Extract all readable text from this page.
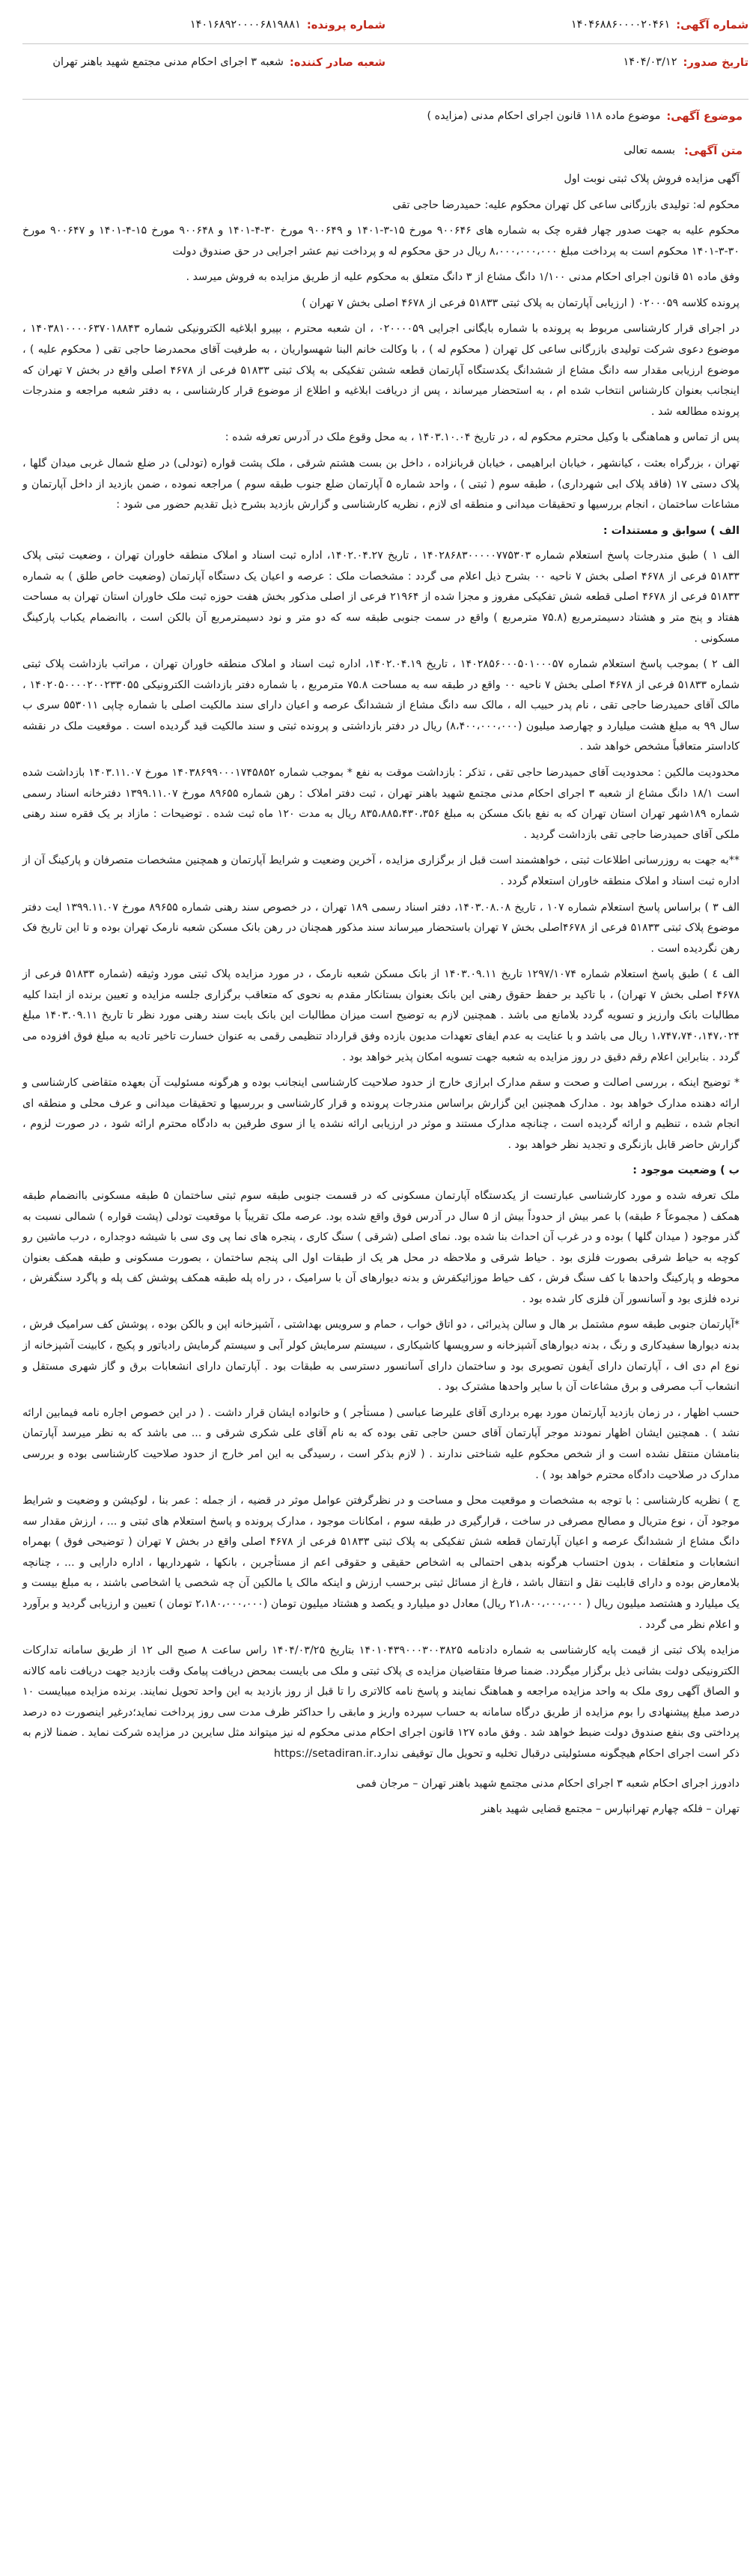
شماره آگهی:
۱۴۰۴۶۸۸۶۰۰۰۰۲۰۴۶۱
شماره پرونده:
۱۴۰۱۶۸۹۲۰۰۰۰۶۸۱۹۸۸۱
تاریخ صدور:
۱۴۰۴/۰۳/۱۲
شعبه صادر کننده:
شعبه ۳ اجرای احکام مدنی مجتمع شهید باهنر تهران
موضوع آگهی:
موضوع ماده ۱۱۸ قانون اجرای احکام مدنی (مزایده )
متن آگهی:
بسمه تعالی

آگهی مزایده فروش پلاک ثبتی نوبت اول

محکوم له: تولیدی بازرگانی ساعی کل تهران محکوم علیه: حمیدرضا حاجی تقی

محکوم علیه به جهت صدور چهار فقره چک به شماره های ۹۰۰۶۴۶ مورخ ۱۵-۳-۱۴۰۱ و ۹۰۰۶۴۹ مورخ ۳۰-۴-۱۴۰۱ و ۹۰۰۶۴۸ مورخ ۱۵-۴-۱۴۰۱ و ۹۰۰۶۴۷ مورخ ۳۰-۳-۱۴۰۱ محکوم است به پرداخت مبلغ ۸،۰۰۰،۰۰۰،۰۰۰ ریال در حق محکوم له و پرداخت نیم عشر اجرایی در حق صندوق دولت

وفق ماده ۵۱ قانون اجرای احکام مدنی ۱/۱۰۰ دانگ مشاع از ۳ دانگ متعلق به محکوم علیه از طریق مزایده به فروش میرسد .

پرونده کلاسه ۰۲۰۰۰۵۹ ( ارزیابی آپارتمان به پلاک ثبتی ۵۱۸۳۳ فرعی از ۴۶۷۸ اصلی بخش ۷ تهران )

در اجرای قرار کارشناسی مربوط به پرونده با شماره بایگانی اجرایی ۰۲۰۰۰۰۵۹ ، ان شعبه محترم ، بپیرو ابلاغیه الکترونیکی شماره ۱۴۰۳۸۱۰۰۰۰۶۳۷۰۱۸۸۴۳ ، موضوع دعوی شرکت تولیدی بازرگانی ساعی کل تهران ( محکوم له ) ، با وکالت خانم البنا شهسواریان ، به طرفیت آقای محمدرضا حاجی تقی ( محکوم علیه ) ، موضوع ارزیابی مقدار سه دانگ مشاع از ششدانگ یکدستگاه آپارتمان قطعه ششن تفکیکی به پلاک ثبتی ۵۱۸۳۳ فرعی از ۴۶۷۸ اصلی واقع در بخش ۷ تهران که اینجانب بعنوان کارشناس انتخاب شده ام ، به استحضار میرساند ، پس از دریافت ابلاغیه و اطلاع از موضوع قرار کارشناسی ، به دفتر شعبه مراجعه و مندرجات پرونده مطالعه شد .

پس از تماس و هماهنگی با وکیل محترم محکوم له ، در تاریخ ۱۴۰۳.۱۰.۰۴ ، به محل وقوع ملک در آدرس تعرفه شده :

تهران ، بزرگراه بعثت ، کیانشهر ، خیابان ابراهیمی ، خیابان قربانزاده ، داخل بن بست هشتم شرقی ، ملک پشت قواره (تودلی) در ضلع شمال غربی میدان گلها ، پلاک دستی ۱۷ (فاقد پلاک ابی شهرداری) ، طبقه سوم ( ثبتی ) ، واحد شماره ۵ آپارتمان ضلع جنوب طبقه سوم ) مراجعه نموده ، ضمن بازدید از داخل آپارتمان و مشاعات ساختمان ، انجام بررسیها و تحقیقات میدانی و منطقه ای لازم ، نظریه کارشناسی و گزارش بازدید بشرح ذیل تقدیم حضور می شود :

الف ) سوابق و مستندات :

الف ۱ ) طبق مندرجات پاسخ استعلام شماره ۱۴۰۲۸۶۸۳۰۰۰۰۰۷۷۵۳۰۳ ، تاریخ ۱۴۰۲.۰۴.۲۷، اداره ثبت اسناد و املاک منطقه خاوران تهران ، وضعیت ثبتی پلاک ۵۱۸۳۳ فرعی از ۴۶۷۸ اصلی بخش ۷ ناحیه ۰۰ بشرح ذیل اعلام می گردد : مشخصات ملک : عرصه و اعیان یک دستگاه آپارتمان (وضعیت خاص طلق ) به شماره ۵۱۸۳۳ فرعی از ۴۶۷۸ اصلی قطعه شش تفکیکی مفروز و مجزا شده از ۲۱۹۶۴ فرعی از اصلی مذکور بخش هفت حوزه ثبت ملک خاوران استان تهران به مساحت هفتاد و پنج متر و هشتاد دسیمترمربع (۷۵.۸ مترمربع ) واقع در سمت جنوبی طبقه سه که دو متر و نود دسیمترمربع آن بالکن است ، باانضمام یکباب پارکینگ مسکونی .

الف ۲ ) بموجب پاسخ استعلام شماره ۱۴۰۲۸۵۶۰۰۰۵۰۱۰۰۰۵۷ ، تاریخ ۱۴۰۲.۰۴.۱۹، اداره ثبت اسناد و املاک منطقه خاوران تهران ، مراتب بازداشت پلاک ثبتی شماره ۵۱۸۳۳ فرعی از ۴۶۷۸ اصلی بخش ۷ ناحیه ۰۰ واقع در طبقه سه به مساحت ۷۵.۸ مترمربع ، با شماره دفتر بازداشت الکترونیکی ۱۴۰۲۰۵۰۰۰۰۲۰۰۲۳۳۰۵۵ ، مالک آقای حمیدرضا حاجی تقی ، نام پدر حبیب اله ، مالک سه دانگ مشاع از ششدانگ عرصه و اعیان دارای سند مالکیت اصلی با شماره چاپی ۵۵۳۰۱۱ سری ب سال ۹۹ به مبلغ هشت میلیارد و چهارصد میلیون (۸،۴۰۰،۰۰۰،۰۰۰) ریال در دفتر بازداشتی و پرونده ثبتی و سند مالکیت قید گردیده است . موقعیت ملک در نقشه کاداستر متعاقباً مشخص خواهد شد .

محدودیت مالکین : محدودیت آقای حمیدرضا حاجی تقی ، تذکر : بازداشت موقت به نفع * بموجب شماره ۱۴۰۳۸۶۹۹۰۰۰۱۷۴۵۸۵۲ مورخ ۱۴۰۳.۱۱.۰۷ بازداشت شده است ۱۸/۱ دانگ مشاع از شعبه ۳ اجرای احکام مدنی مجتمع شهید باهنر تهران ، ثبت دفتر املاک : رهن شماره ۸۹۶۵۵ مورخ ۱۳۹۹.۱۱.۰۷ دفترخانه اسناد رسمی شماره ۱۸۹شهر تهران استان تهران که به نفع بانک مسکن به مبلغ ۸۳۵،۸۸۵،۴۳۰،۳۵۶ ریال به مدت ۱۲۰ ماه ثبت شده . توضیحات : مازاد بر یک فقره سند رهنی ملکی آقای حمیدرضا حاجی تقی بازداشت گردید .

**به جهت به روزرسانی اطلاعات ثبتی ، خواهشمند است قبل از برگزاری مزایده ، آخرین وضعیت و شرایط آپارتمان و همچنین مشخصات متصرفان و پارکینگ آن از اداره ثبت اسناد و املاک منطقه خاوران استعلام گردد .

الف ۳ ) براساس پاسخ استعلام شماره ۱۰۷ ، تاریخ ۱۴۰۳.۰۸.۰۸، دفتر اسناد رسمی ۱۸۹ تهران ، در خصوص سند رهنی شماره ۸۹۶۵۵ مورخ ۱۳۹۹.۱۱.۰۷ ایت دفتر موضوع پلاک ثبتی ۵۱۸۳۳ فرعی از ۴۶۷۸اصلی بخش ۷ تهران باستحضار میرساند سند مذکور همچنان در رهن بانک مسکن شعبه نارمک تهران بوده و تا این تاریخ فک رهن نگردیده است .

الف ٤ ) طبق پاسخ استعلام شماره ۱۲۹۷/۱۰۷۴ تاریخ ۱۴۰۳.۰۹.۱۱ از بانک مسکن شعبه نارمک ، در مورد مزایده پلاک ثبتی مورد وثیقه (شماره ۵۱۸۳۳ فرعی از ۴۶۷۸ اصلی بخش ۷ تهران) ، با تاکید بر حفظ حقوق رهنی این بانک بعنوان بستانکار مقدم به نحوی که متعاقب برگزاری جلسه مزایده و تعیین برنده از ابتدا کلیه مطالبات بانک وارزیز و تسویه گردد بلامانع می باشد . همچنین لازم به توضیح است میزان مطالبات این بانک بابت سند رهنی مورد نظر تا تاریخ ۱۴۰۳.۰۹.۱۱ مبلغ ۱،۷۴۷،۷۴۰،۱۴۷،۰۲۴ ریال می باشد و با عنایت به عدم ایفای تعهدات مدیون بازده وفق قرارداد تنظیمی رقمی به عنوان خسارت تاخیر تادیه به مبلغ فوق افزوده می گردد . بنابراین اعلام رقم دقیق در روز مزایده به شعبه جهت تسویه امکان پذیر خواهد بود .

* توضیح اینکه ، بررسی اصالت و صحت و سقم مدارک ابرازی خارج از حدود صلاحیت کارشناسی اینجانب بوده و هرگونه مسئولیت آن بعهده متقاضی کارشناسی و ارائه دهنده مدارک خواهد بود . مدارک همچنین این گزارش براساس مندرجات پرونده و قرار کارشناسی و بررسیها و تحقیقات میدانی و عرف محلی و منطقه ای انجام شده ، تنظیم و ارائه گردیده است ، چنانچه مدارک مستند و موثر در ارزیابی ارائه نشده یا از سوی طرفین به دادگاه محترم ارائه شود ، در صورت لزوم ، گزارش حاضر قابل بازنگری و تجدید نظر خواهد بود .

ب ) وضعیت موجود :

ملک تعرفه شده و مورد کارشناسی عبارتست از یکدستگاه آپارتمان مسکونی که در قسمت جنوبی طبقه سوم ثبتی ساختمان ۵ طبقه مسکونی باانضمام طبقه همکف ( مجموعاً ۶ طبقه) با عمر بیش از حدوداً بیش از ۵ سال در آدرس فوق واقع شده بود. عرصه ملک تقریباً با موقعیت تودلی (پشت قواره ) شمالی نسبت به گذر موجود ( میدان گلها ) بوده و در غرب آن احداث بنا شده بود. نمای اصلی (شرقی ) سنگ کاری ، پنجره های نما پی وی سی با شیشه دوجداره ، درب ماشین رو کوچه به حیاط شرقی بصورت فلزی بود . حیاط شرقی و ملاحظه در محل هر یک از طبقات اول الی پنجم ساختمان ، بصورت مسکونی و طبقه همکف بعنوان محوطه و پارکینگ واحدها با کف سنگ فرش ، کف حیاط موزائیکفرش و بدنه دیوارهای آن با سرامیک ، در راه پله طبقه همکف پوشش کف پله و پاگرد سنگفرش ، نرده فلزی بود و آسانسور آن فلزی کار شده بود .

*آپارتمان جنوبی طبقه سوم مشتمل بر هال و سالن پذیرائی ، دو اتاق خواب ، حمام و سرویس بهداشتی ، آشپزخانه اپن و بالکن بوده ، پوشش کف سرامیک فرش ، بدنه دیوارها سفیدکاری و رنگ ، بدنه دیوارهای آشپزخانه و سرویسها کاشیکاری ، سیستم سرمایش کولر آبی و سیستم گرمایش رادیاتور و پکیج ، کابینت آشپزخانه از نوع ام دی اف ، آپارتمان دارای آیفون تصویری بود و ساختمان دارای آسانسور دسترسی به طبقات بود . آپارتمان دارای انشعابات برق و گاز شهری مستقل و انشعاب آب مصرفی و برق مشاعات آن با سایر واحدها مشترک بود .

حسب اظهار ، در زمان بازدید آپارتمان مورد بهره برداری آقای علیرضا عباسی ( مستأجر ) و خانواده ایشان قرار داشت . ( در این خصوص اجاره نامه فیمابین ارائه نشد ) . همچنین ایشان اظهار نمودند موجر آپارتمان آقای حسن حاجی تقی بوده که به نام آقای علی شکری شرقی و ... می باشد که به نظر میرسد آپارتمان بنامشان منتقل نشده است و از شخص محکوم علیه شناختی ندارند . ( لازم بذکر است ، رسیدگی به این امر خارج از حدود صلاحیت کارشناسی بوده و بررسی مدارک در صلاحیت دادگاه محترم خواهد بود ) .

ج ) نظریه کارشناسی : با توجه به مشخصات و موقعیت محل و مساحت و در نظرگرفتن عوامل موثر در قضیه ، از جمله : عمر بنا ، لوکیشن و وضعیت و شرایط موجود آن ، نوع متریال و مصالح مصرفی در ساخت ، قرارگیری در طبقه سوم ، امکانات موجود ، مدارک پرونده و پاسخ استعلام های ثبتی و ... ، ارزش مقدار سه دانگ مشاع از ششدانگ عرصه و اعیان آپارتمان قطعه شش تفکیکی به پلاک ثبتی ۵۱۸۳۳ فرعی از ۴۶۷۸ اصلی واقع در بخش ۷ تهران ( توضیحی فوق ) بهمراه انشعابات و متعلقات ، بدون احتساب هرگونه بدهی احتمالی به اشخاص حقیقی و حقوقی اعم از مستأجرین ، بانکها ، شهرداریها ، اداره دارایی و ... ، چنانچه بلامعارض بوده و دارای قابلیت نقل و انتقال باشد ، فارغ از مسائل ثبتی برحسب ارزش و اینکه مالک یا مالکین آن چه شخصی یا اشخاصی باشند ، به مبلغ بیست و یک میلیارد و هشتصد میلیون ریال ( ۲۱،۸۰۰،۰۰۰،۰۰۰ ریال) معادل دو میلیارد و یکصد و هشتاد میلیون تومان (۲،۱۸۰،۰۰۰،۰۰۰ تومان ) تعیین و ارزیابی گردید و برآورد و اعلام نظر می گردد .

مزایده پلاک ثبتی از قیمت پایه کارشناسی به شماره دادنامه ۱۴۰۱۰۴۳۹۰۰۰۳۰۰۳۸۲۵ بتاریخ ۱۴۰۴/۰۳/۲۵ راس ساعت ۸ صبح الی ۱۲ از طریق سامانه تدارکات الکترونیکی دولت بشانی ذیل برگزار میگردد. ضمنا صرفا متقاضیان مزایده ی پلاک ثبتی و ملک می بایست بمحض دریافت پیامک وقت بازدید جهت دریافت نامه کالانه و الصاق آگهی روی ملک به واحد مزایده مراجعه و هماهنگ نمایند و پاسخ نامه کالاتری را تا قبل از روز بازدید به این واحد تحویل نمایند. برنده مزایده میبایست ۱۰ درصد مبلغ پیشنهادی را بوم مزایده از طریق درگاه سامانه به حساب سپرده واریز و مابقی را حداکثر ظرف مدت سی روز پرداخت نماید؛درغیر اینصورت ده درصد پرداختی وی بنفع صندوق دولت ضبط خواهد شد . وفق ماده ۱۲۷ قانون اجرای احکام مدنی محکوم له نیز میتواند مثل سایرین در مزایده شرکت نماید . ضمنا لازم به ذکر است اجرای احکام هیچگونه مسئولیتی درقبال تخلیه و تحویل مال توقیفی ندارد.https://setadiran.ir

دادورز اجرای احکام شعبه ۳ اجرای احکام مدنی مجتمع شهید باهنر تهران – مرجان فمی

تهران – فلکه چهارم تهرانپارس – مجتمع قضایی شهید باهنر
